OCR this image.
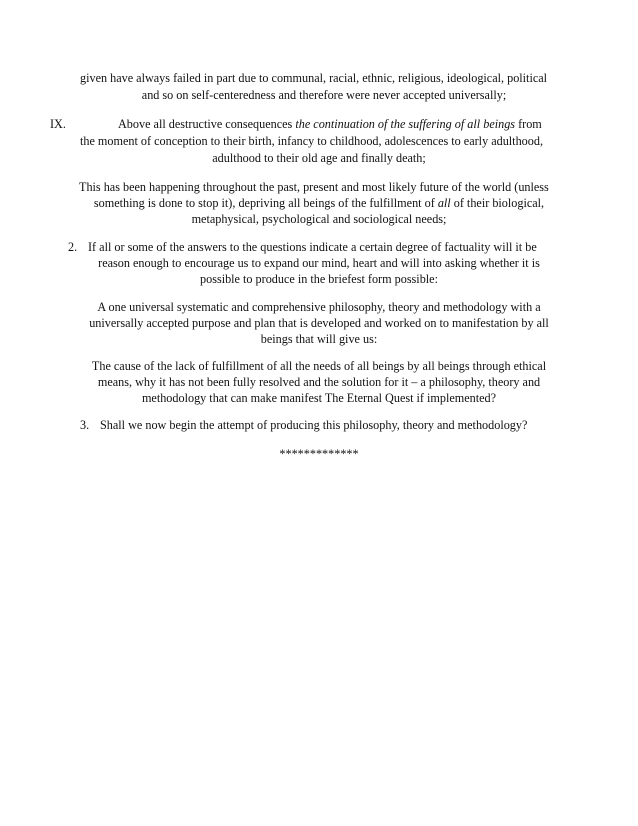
given have always failed in part due to communal, racial, ethnic, religious, ideological, political
and so on self-centeredness and therefore were never accepted universally;
IX.	Above all destructive consequences the continuation of the suffering of all beings from
the moment of conception to their birth, infancy to childhood, adolescences to early adulthood,
adulthood to their old age and finally death;
This has been happening throughout the past, present and most likely future of the world (unless
something is done to stop it), depriving all beings of the fulfillment of all of their biological,
metaphysical, psychological and sociological needs;
2. If all or some of the answers to the questions indicate a certain degree of factuality will it be
reason enough to encourage us to expand our mind, heart and will into asking whether it is
possible to produce in the briefest form possible:
A one universal systematic and comprehensive philosophy, theory and methodology with a
universally accepted purpose and plan that is developed and worked on to manifestation by all
beings that will give us:
The cause of the lack of fulfillment of all the needs of all beings by all beings through ethical
means, why it has not been fully resolved and the solution for it – a philosophy, theory and
methodology that can make manifest The Eternal Quest if implemented?
3. Shall we now begin the attempt of producing this philosophy, theory and methodology?
*************
